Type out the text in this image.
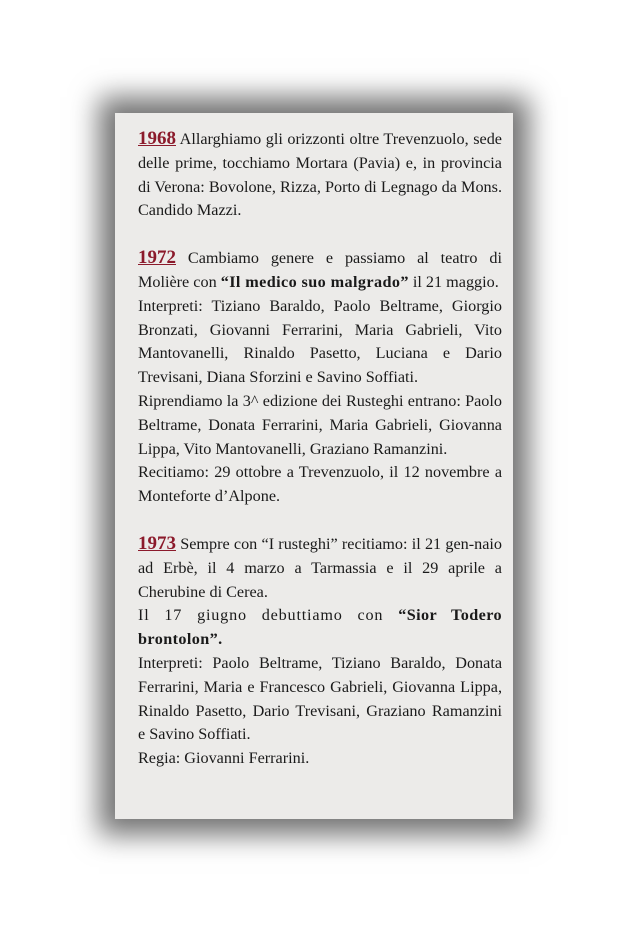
1968 Allarghiamo gli orizzonti oltre Trevenzuolo, sede delle prime, tocchiamo Mortara (Pavia) e, in provincia di Verona: Bovolone, Rizza, Porto di Legnago da Mons. Candido Mazzi.

1972 Cambiamo genere e passiamo al teatro di Molière con “Il medico suo malgrado” il 21 maggio.

Interpreti: Tiziano Baraldo, Paolo Beltrame, Giorgio Bronzati, Giovanni Ferrarini, Maria Gabrieli, Vito Mantovanelli, Rinaldo Pasetto, Luciana e Dario Trevisani, Diana Sforzini e Savino Soffiati.

Riprendiamo la 3^ edizione dei Rusteghi entrano: Paolo Beltrame, Donata Ferrarini, Maria Gabrieli, Giovanna Lippa, Vito Mantovanelli, Graziano Ramanzini.

Recitiamo: 29 ottobre a Trevenzuolo, il 12 novembre a Monteforte d’Alpone.

1973 Sempre con “I rusteghi” recitiamo: il 21 gen-naio ad Erbè, il 4 marzo a Tarmassia e il 29 aprile a Cherubine di Cerea.

Il 17 giugno debuttiamo con “Sior Todero brontolon”.

Interpreti: Paolo Beltrame, Tiziano Baraldo, Donata Ferrarini, Maria e Francesco Gabrieli, Giovanna Lippa, Rinaldo Pasetto, Dario Trevisani, Graziano Ramanzini e Savino Soffiati.

Regia: Giovanni Ferrarini.
